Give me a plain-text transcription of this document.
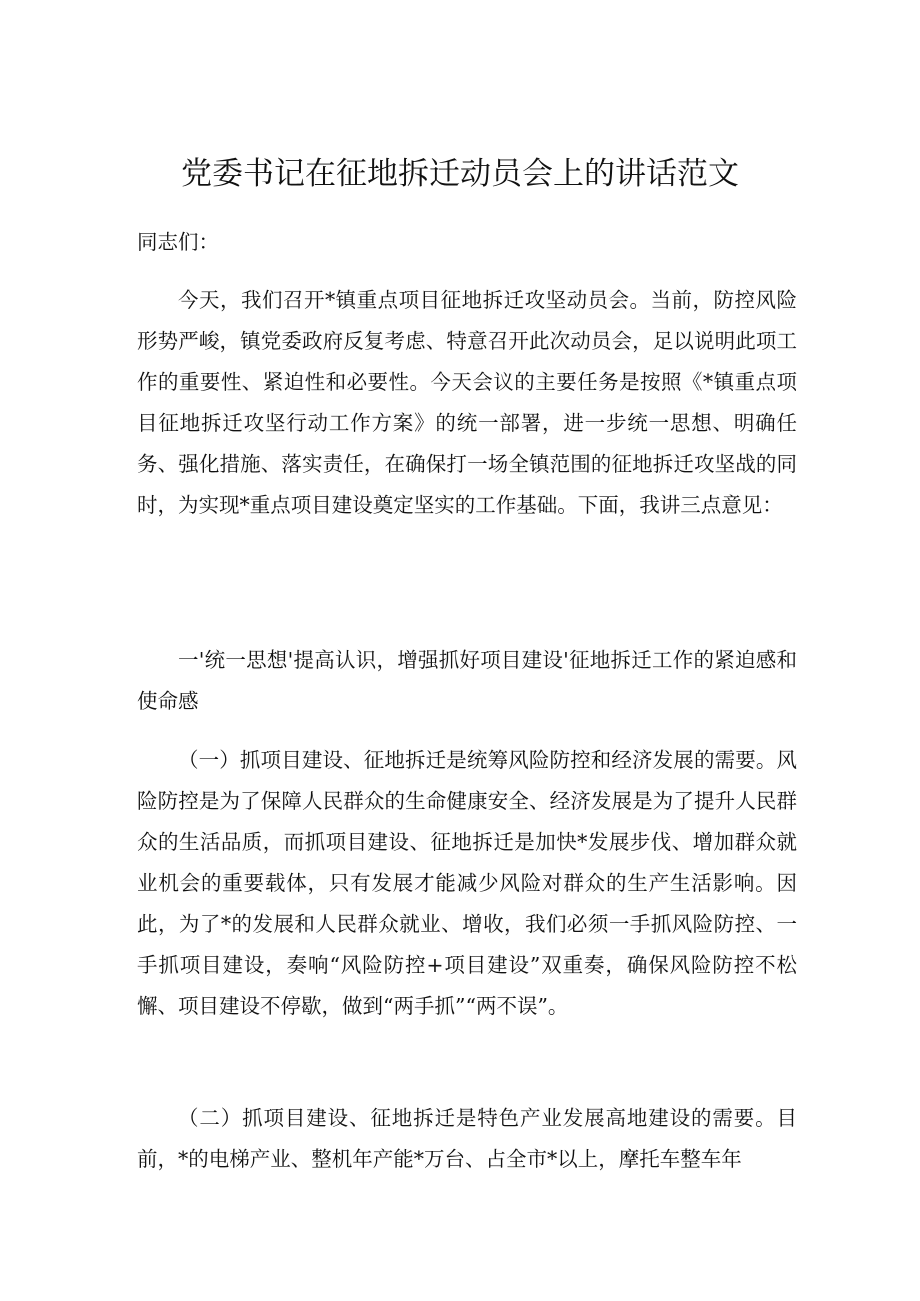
党委书记在征地拆迁动员会上的讲话范文
同志们：
今天，我们召开*镇重点项目征地拆迁攻坚动员会。当前，防控风险形势严峻，镇党委政府反复考虑、特意召开此次动员会，足以说明此项工作的重要性、紧迫性和必要性。今天会议的主要任务是按照《*镇重点项目征地拆迁攻坚行动工作方案》的统一部署，进一步统一思想、明确任务、强化措施、落实责任，在确保打一场全镇范围的征地拆迁攻坚战的同时，为实现*重点项目建设奠定坚实的工作基础。下面，我讲三点意见：
一'统一思想'提高认识，增强抓好项目建设'征地拆迁工作的紧迫感和使命感
（一）抓项目建设、征地拆迁是统筹风险防控和经济发展的需要。风险防控是为了保障人民群众的生命健康安全、经济发展是为了提升人民群众的生活品质，而抓项目建设、征地拆迁是加快*发展步伐、增加群众就业机会的重要载体，只有发展才能减少风险对群众的生产生活影响。因此，为了*的发展和人民群众就业、增收，我们必须一手抓风险防控、一手抓项目建设，奏响“风险防控+项目建设”双重奏，确保风险防控不松懈、项目建设不停歇，做到“两手抓”“两不误”。
（二）抓项目建设、征地拆迁是特色产业发展高地建设的需要。目前，*的电梯产业、整机年产能*万台、占全市*以上，摩托车整车年
